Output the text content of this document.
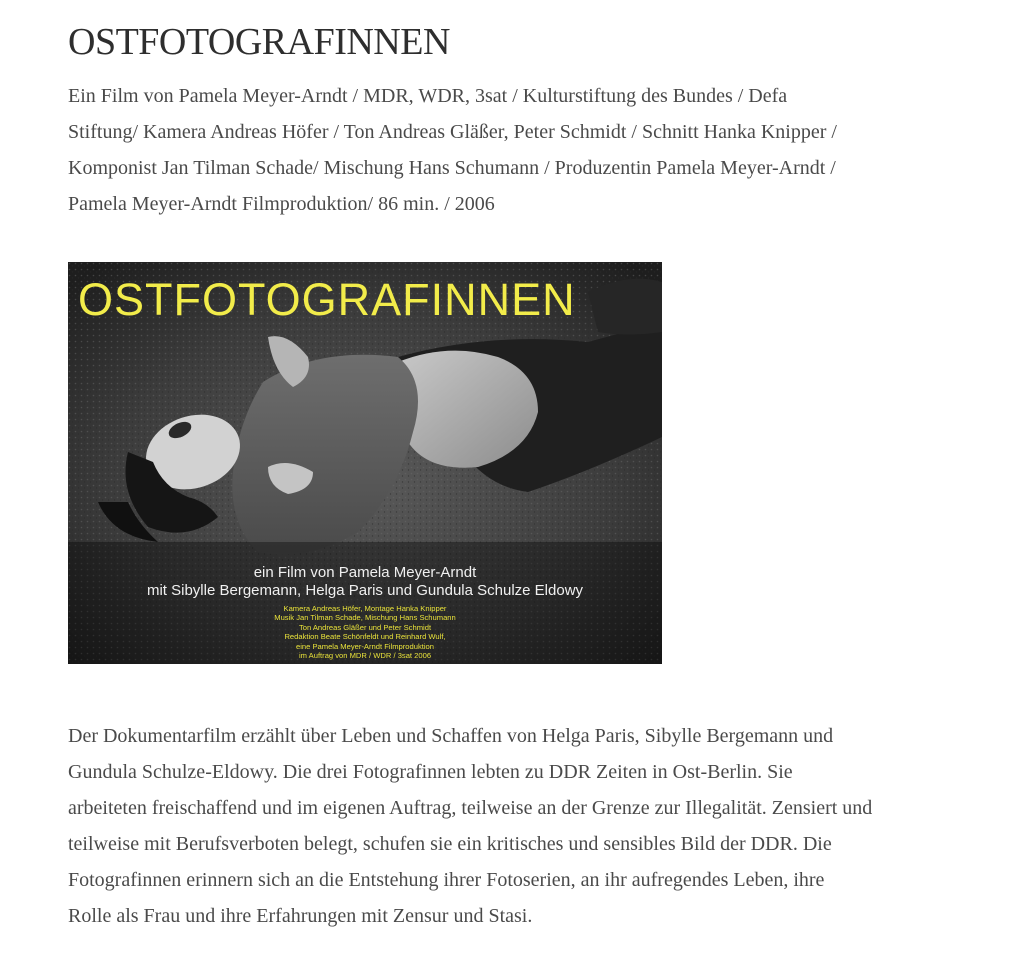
OSTFOTOGRAFINNEN

Ein Film von Pamela Meyer-Arndt / MDR, WDR, 3sat / Kulturstiftung des Bundes / Defa
Stiftung/ Kamera Andreas Höfer / Ton Andreas Gläßer, Peter Schmidt / Schnitt Hanka Knipper /
Komponist Jan Tilman Schade/ Mischung Hans Schumann / Produzentin Pamela Meyer-Arndt /
Pamela Meyer-Arndt Filmproduktion/ 86 min. / 2006

OSTFOTOGRAFINNEN
ein Film von Pamela Meyer-Arndt
mit Sibylle Bergemann, Helga Paris und Gundula Schulze Eldowy
Kamera Andreas Höfer, Montage Hanka Knipper
Musik Jan Tilman Schade, Mischung Hans Schumann
Ton Andreas Gläßer und Peter Schmidt
Redaktion Beate Schönfeldt und Reinhard Wulf,
eine Pamela Meyer-Arndt Filmproduktion
im Auftrag von MDR / WDR / 3sat 2006

Der Dokumentarfilm erzählt über Leben und Schaffen von Helga Paris, Sibylle Bergemann und
Gundula Schulze-Eldowy. Die drei Fotografinnen lebten zu DDR Zeiten in Ost-Berlin. Sie
arbeiteten freischaffend und im eigenen Auftrag, teilweise an der Grenze zur Illegalität. Zensiert und
teilweise mit Berufsverboten belegt, schufen sie ein kritisches und sensibles Bild der DDR. Die
Fotografinnen erinnern sich an die Entstehung ihrer Fotoserien, an ihr aufregendes Leben, ihre
Rolle als Frau und ihre Erfahrungen mit Zensur und Stasi.
